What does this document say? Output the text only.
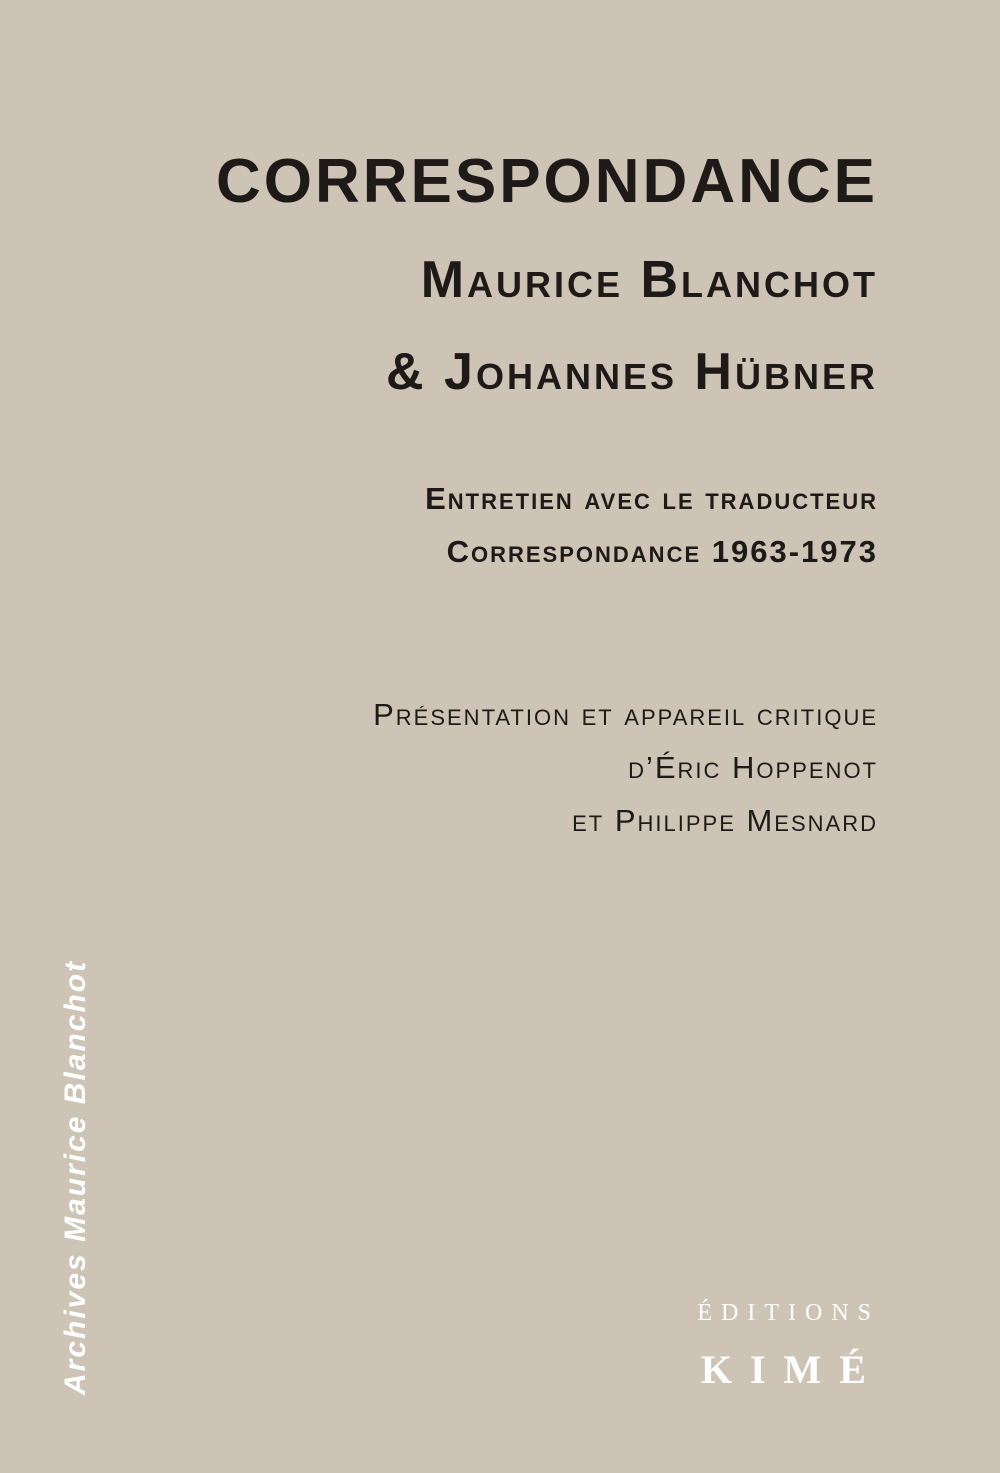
CORRESPONDANCE
Maurice Blanchot
& Johannes Hübner
Entretien avec le traducteur
Correspondance 1963-1973
Présentation et appareil critique
d’Éric Hoppenot
et Philippe Mesnard
Archives Maurice Blanchot	ÉDITIONS
KIMÉ
